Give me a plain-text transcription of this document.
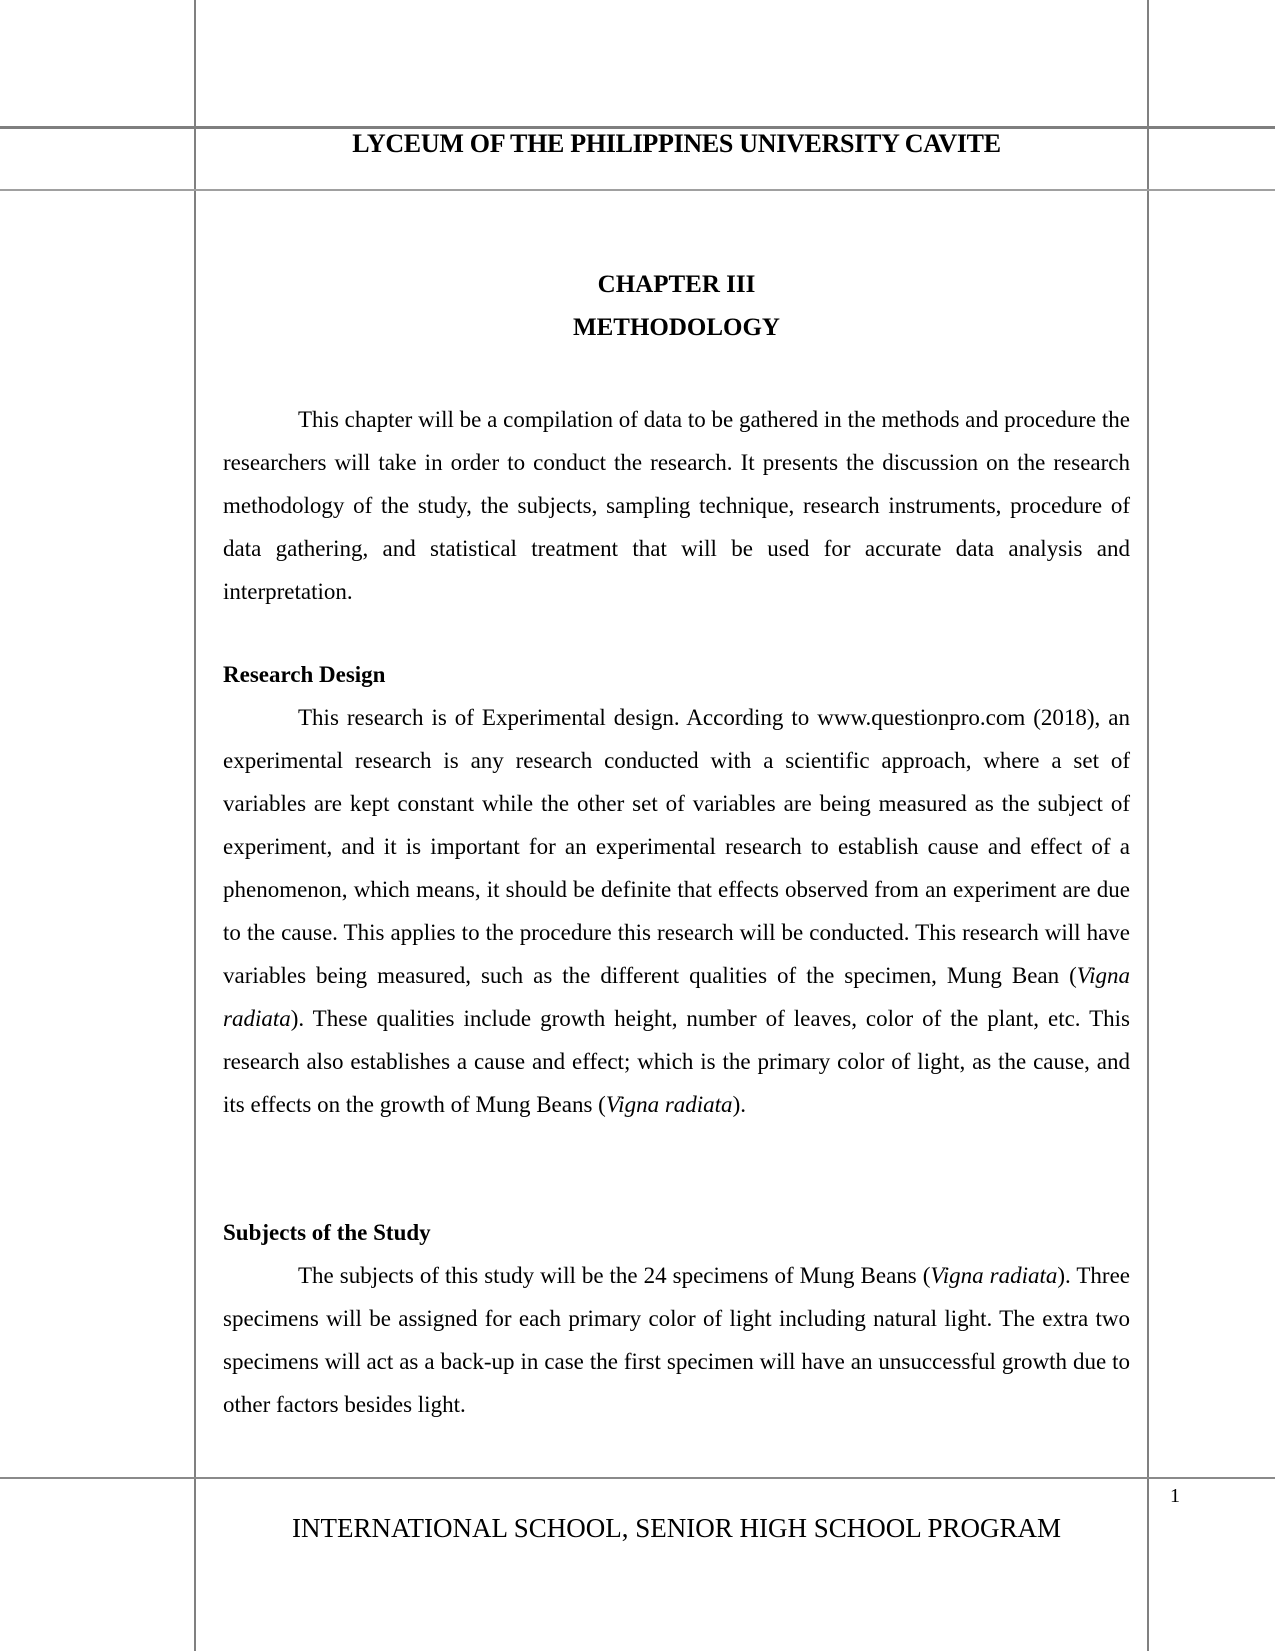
LYCEUM OF THE PHILIPPINES UNIVERSITY CAVITE
CHAPTER III
METHODOLOGY

This chapter will be a compilation of data to be gathered in the methods and procedure the researchers will take in order to conduct the research. It presents the discussion on the research methodology of the study, the subjects, sampling technique, research instruments, procedure of data gathering, and statistical treatment that will be used for accurate data analysis and interpretation.

Research Design

This research is of Experimental design. According to www.questionpro.com (2018), an experimental research is any research conducted with a scientific approach, where a set of variables are kept constant while the other set of variables are being measured as the subject of experiment, and it is important for an experimental research to establish cause and effect of a phenomenon, which means, it should be definite that effects observed from an experiment are due to the cause. This applies to the procedure this research will be conducted. This research will have variables being measured, such as the different qualities of the specimen, Mung Bean (Vigna radiata). These qualities include growth height, number of leaves, color of the plant, etc. This research also establishes a cause and effect; which is the primary color of light, as the cause, and its effects on the growth of Mung Beans (Vigna radiata).

Subjects of the Study

The subjects of this study will be the 24 specimens of Mung Beans (Vigna radiata). Three specimens will be assigned for each primary color of light including natural light. The extra two specimens will act as a back-up in case the first specimen will have an unsuccessful growth due to other factors besides light.

INTERNATIONAL SCHOOL, SENIOR HIGH SCHOOL PROGRAM
1
